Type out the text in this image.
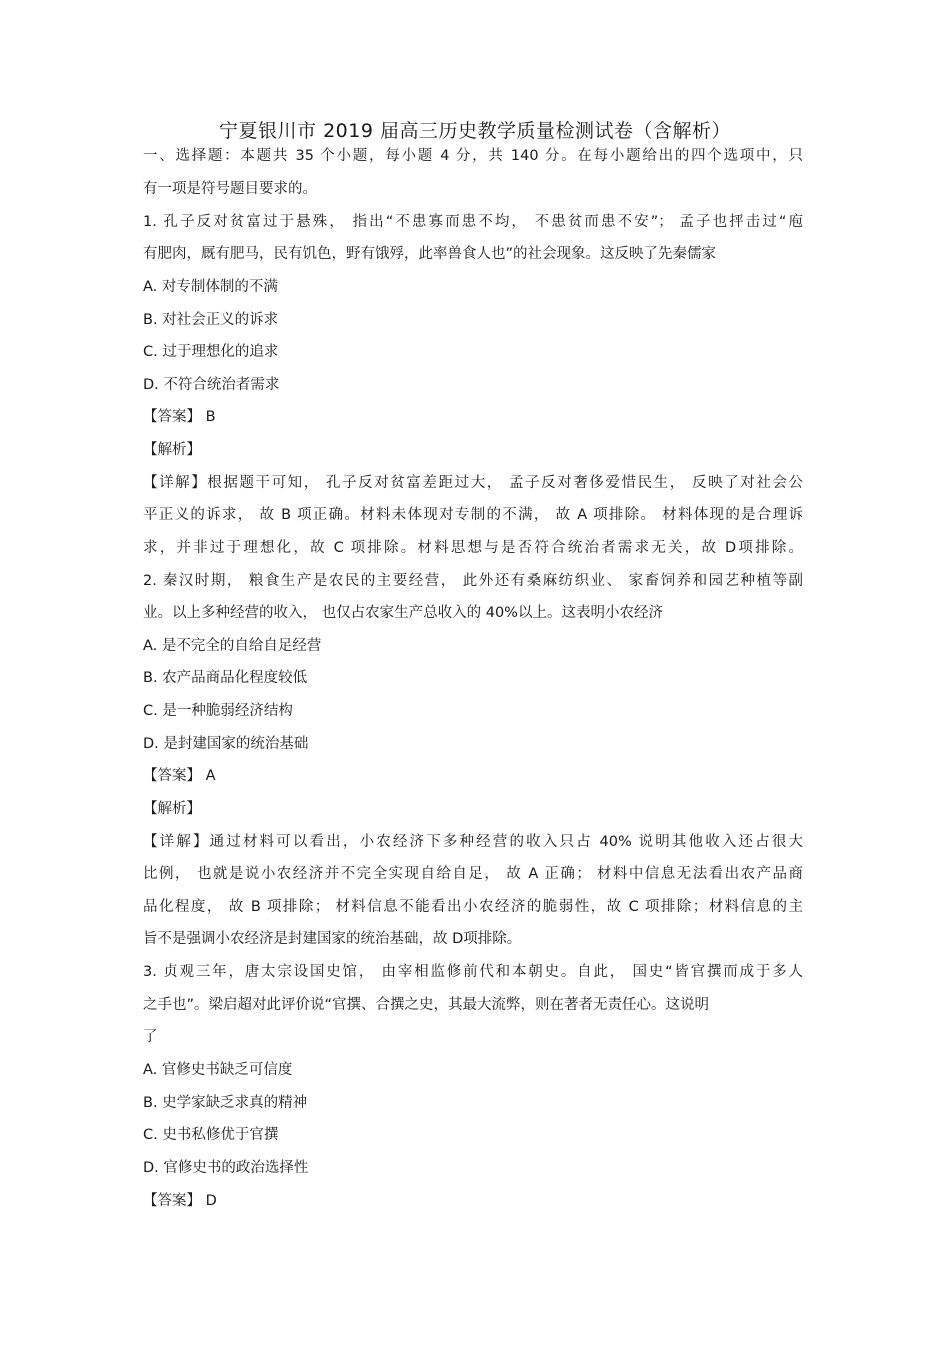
宁夏银川市 2019 届高三历史教学质量检测试卷（含解析）
一、选择题：本题共 35 个小题，每小题 4 分，共 140 分。在每小题给出的四个选项中，只
有一项是符号题目要求的。
1. 孔子反对贫富过于悬殊， 指出“不患寡而患不均， 不患贫而患不安”； 孟子也抨击过“庖
有肥肉，厩有肥马，民有饥色，野有饿殍，此率兽食人也”的社会现象。这反映了先秦儒家
A. 对专制体制的不满
B. 对社会正义的诉求
C. 过于理想化的追求
D. 不符合统治者需求
【答案】 B
【解析】
【详解】根据题干可知， 孔子反对贫富差距过大， 孟子反对奢侈爱惜民生， 反映了对社会公
平正义的诉求， 故 B 项正确。材料未体现对专制的不满， 故 A 项排除。 材料体现的是合理诉
求，并非过于理想化，故 C 项排除。材料思想与是否符合统治者需求无关，故 D项排除。
2. 秦汉时期， 粮食生产是农民的主要经营， 此外还有桑麻纺织业、 家畜饲养和园艺种植等副
业。以上多种经营的收入， 也仅占农家生产总收入的 40%以上。这表明小农经济
A. 是不完全的自给自足经营
B. 农产品商品化程度较低
C. 是一种脆弱经济结构
D. 是封建国家的统治基础
【答案】 A
【解析】
【详解】通过材料可以看出，小农经济下多种经营的收入只占 40% 说明其他收入还占很大
比例， 也就是说小农经济并不完全实现自给自足， 故 A 正确； 材料中信息无法看出农产品商
品化程度， 故 B 项排除； 材料信息不能看出小农经济的脆弱性，故 C 项排除；材料信息的主
旨不是强调小农经济是封建国家的统治基础，故 D项排除。
3. 贞观三年，唐太宗设国史馆， 由宰相监修前代和本朝史。自此， 国史“皆官撰而成于多人
之手也”。梁启超对此评价说“官撰、合撰之史，其最大流弊，则在著者无责任心。这说明
了
A. 官修史书缺乏可信度
B. 史学家缺乏求真的精神
C. 史书私修优于官撰
D. 官修史书的政治选择性
【答案】 D
